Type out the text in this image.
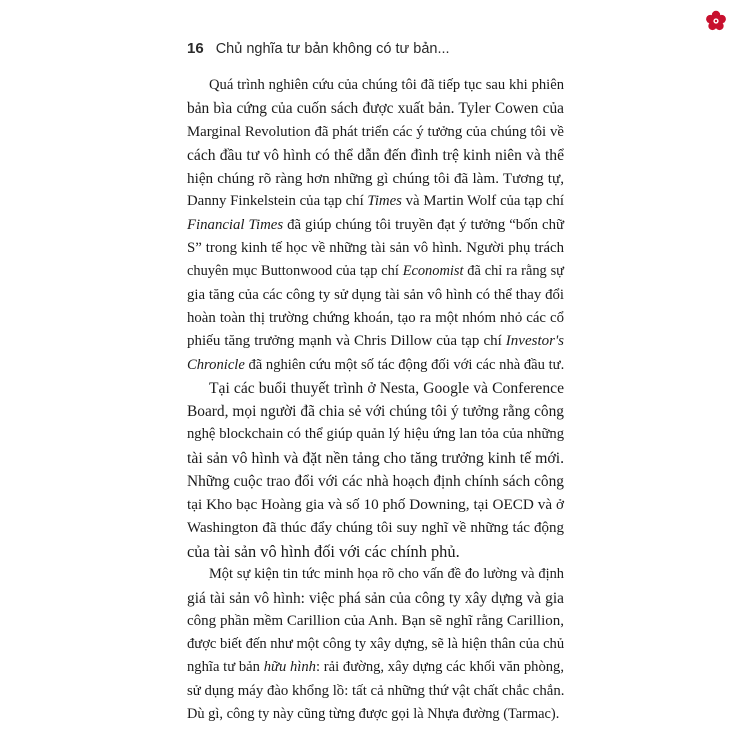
16 Chủ nghĩa tư bản không có tư bản...
Quá trình nghiên cứu của chúng tôi đã tiếp tục sau khi phiên
bản bìa cứng của cuốn sách được xuất bản. Tyler Cowen của
Marginal Revolution đã phát triển các ý tưởng của chúng tôi về
cách đầu tư vô hình có thể dẫn đến đình trệ kinh niên và thể
hiện chúng rõ ràng hơn những gì chúng tôi đã làm. Tương tự,
Danny Finkelstein của tạp chí Times và Martin Wolf của tạp chí
Financial Times đã giúp chúng tôi truyền đạt ý tưởng “bốn chữ
S” trong kinh tế học về những tài sản vô hình. Người phụ trách
chuyên mục Buttonwood của tạp chí Economist đã chỉ ra rằng sự
gia tăng của các công ty sử dụng tài sản vô hình có thể thay đổi
hoàn toàn thị trường chứng khoán, tạo ra một nhóm nhỏ các cổ
phiếu tăng trưởng mạnh và Chris Dillow của tạp chí Investor's
Chronicle đã nghiên cứu một số tác động đối với các nhà đầu tư.
Tại các buổi thuyết trình ở Nesta, Google và Conference
Board, mọi người đã chia sẻ với chúng tôi ý tưởng rằng công
nghệ blockchain có thể giúp quản lý hiệu ứng lan tỏa của những
tài sản vô hình và đặt nền tảng cho tăng trưởng kinh tế mới.
Những cuộc trao đổi với các nhà hoạch định chính sách công
tại Kho bạc Hoàng gia và số 10 phố Downing, tại OECD và ở
Washington đã thúc đẩy chúng tôi suy nghĩ về những tác động
của tài sản vô hình đối với các chính phủ.
Một sự kiện tin tức minh họa rõ cho vấn đề đo lường và định
giá tài sản vô hình: việc phá sản của công ty xây dựng và gia
công phần mềm Carillion của Anh. Bạn sẽ nghĩ rằng Carillion,
được biết đến như một công ty xây dựng, sẽ là hiện thân của chủ
nghĩa tư bản hữu hình: rải đường, xây dựng các khối văn phòng,
sử dụng máy đào khổng lồ: tất cả những thứ vật chất chắc chắn.
Dù gì, công ty này cũng từng được gọi là Nhựa đường (Tarmac).
